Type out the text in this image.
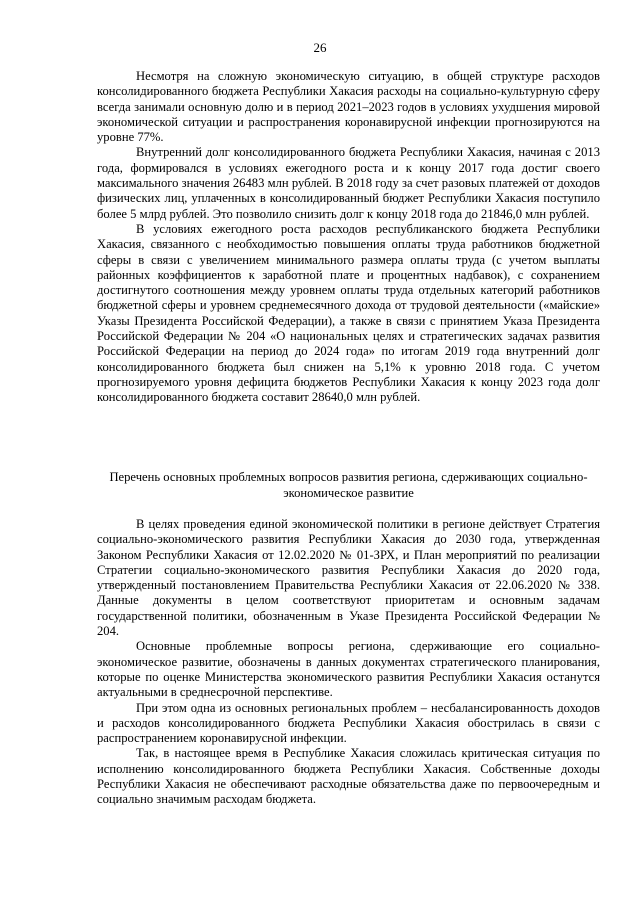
26

Несмотря на сложную экономическую ситуацию, в общей структуре расходов консолидированного бюджета Республики Хакасия расходы на социально-культурную сферу всегда занимали основную долю и в период 2021–2023 годов в условиях ухудшения мировой экономической ситуации и распространения коронавирусной инфекции прогнозируются на уровне 77%.

Внутренний долг консолидированного бюджета Республики Хакасия, начиная с 2013 года, формировался в условиях ежегодного роста и к концу 2017 года достиг своего максимального значения 26483 млн рублей. В 2018 году за счет разовых платежей от доходов физических лиц, уплаченных в консолидированный бюджет Республики Хакасия поступило более 5 млрд рублей. Это позволило снизить долг к концу 2018 года до 21846,0 млн рублей.

В условиях ежегодного роста расходов республиканского бюджета Республики Хакасия, связанного с необходимостью повышения оплаты труда работников бюджетной сферы в связи с увеличением минимального размера оплаты труда (с учетом выплаты районных коэффициентов к заработной плате и процентных надбавок), с сохранением достигнутого соотношения между уровнем оплаты труда отдельных категорий работников бюджетной сферы и уровнем среднемесячного дохода от трудовой деятельности («майские» Указы Президента Российской Федерации), а также в связи с принятием Указа Президента Российской Федерации № 204 «О национальных целях и стратегических задачах развития Российской Федерации на период до 2024 года» по итогам 2019 года внутренний долг консолидированного бюджета был снижен на 5,1% к уровню 2018 года. С учетом прогнозируемого уровня дефицита бюджетов Республики Хакасия к концу 2023 года долг консолидированного бюджета составит 28640,0 млн рублей.

Перечень основных проблемных вопросов развития региона, сдерживающих социально-экономическое развитие

В целях проведения единой экономической политики в регионе действует Стратегия социально-экономического развития Республики Хакасия до 2030 года, утвержденная Законом Республики Хакасия от 12.02.2020 № 01-ЗРХ, и План мероприятий по реализации Стратегии социально-экономического развития Республики Хакасия до 2020 года, утвержденный постановлением Правительства Республики Хакасия от 22.06.2020 № 338. Данные документы в целом соответствуют приоритетам и основным задачам государственной политики, обозначенным в Указе Президента Российской Федерации № 204.

Основные проблемные вопросы региона, сдерживающие его социально-экономическое развитие, обозначены в данных документах стратегического планирования, которые по оценке Министерства экономического развития Республики Хакасия останутся актуальными в среднесрочной перспективе.

При этом одна из основных региональных проблем – несбалансированность доходов и расходов консолидированного бюджета Республики Хакасия обострилась в связи с распространением коронавирусной инфекции.

Так, в настоящее время в Республике Хакасия сложилась критическая ситуация по исполнению консолидированного бюджета Республики Хакасия. Собственные доходы Республики Хакасия не обеспечивают расходные обязательства даже по первоочередным и социально значимым расходам бюджета.
